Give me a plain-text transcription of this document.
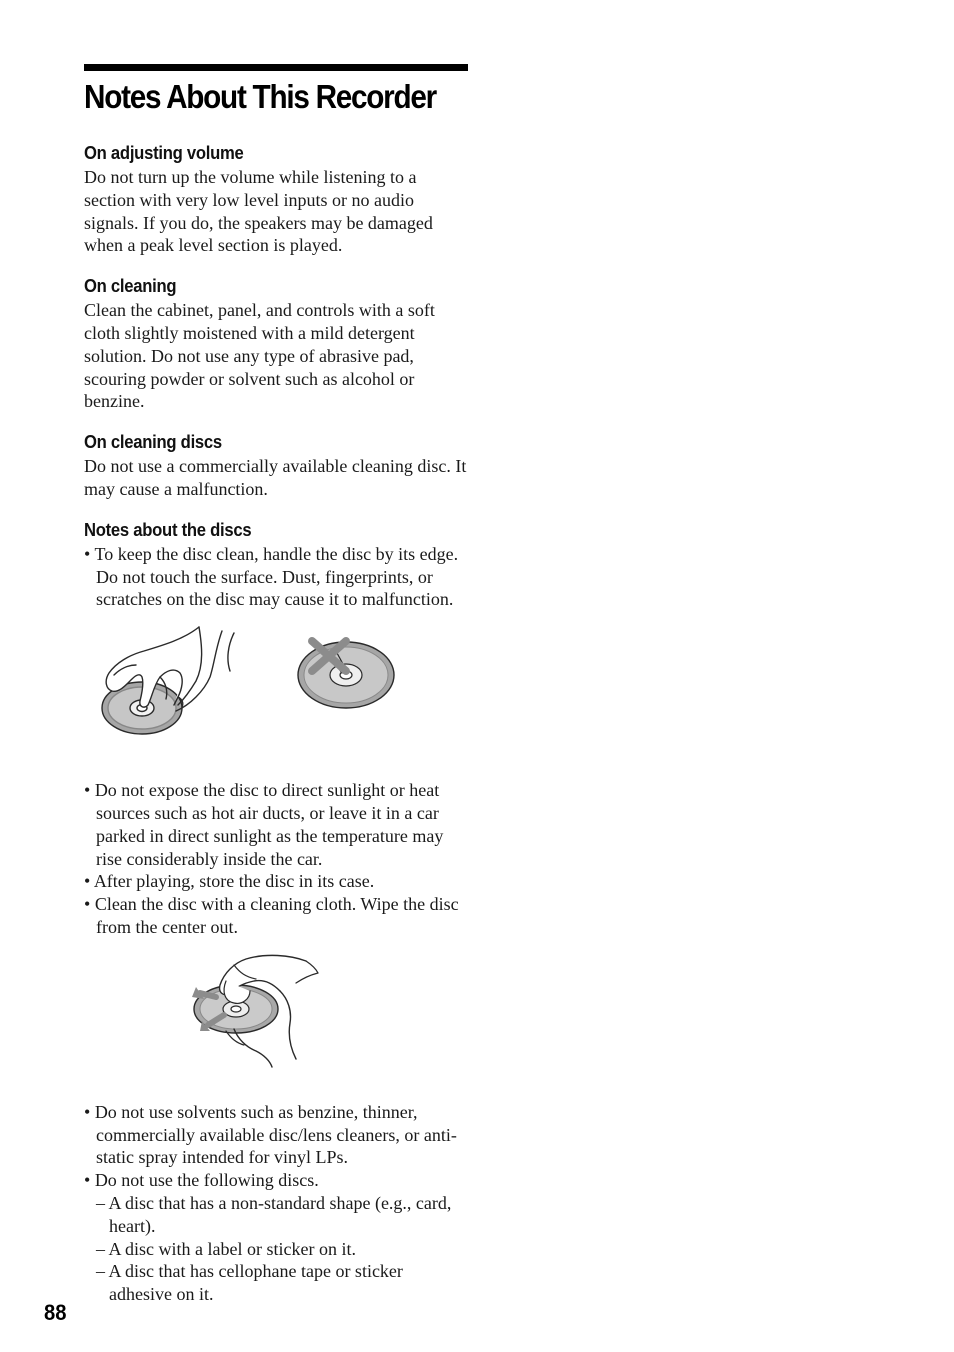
Notes About This Recorder
On adjusting volume

Do not turn up the volume while listening to a section with very low level inputs or no audio signals. If you do, the speakers may be damaged when a peak level section is played.

On cleaning

Clean the cabinet, panel, and controls with a soft cloth slightly moistened with a mild detergent solution. Do not use any type of abrasive pad, scouring powder or solvent such as alcohol or benzine.

On cleaning discs

Do not use a commercially available cleaning disc. It may cause a malfunction.

Notes about the discs
• To keep the disc clean, handle the disc by its edge. Do not touch the surface. Dust, fingerprints, or scratches on the disc may cause it to malfunction.
• Do not expose the disc to direct sunlight or heat sources such as hot air ducts, or leave it in a car parked in direct sunlight as the temperature may rise considerably inside the car.
• After playing, store the disc in its case.
• Clean the disc with a cleaning cloth. Wipe the disc from the center out.
• Do not use solvents such as benzine, thinner, commercially available disc/lens cleaners, or anti-static spray intended for vinyl LPs.
• Do not use the following discs.
– A disc that has a non-standard shape (e.g., card, heart).
– A disc with a label or sticker on it.
– A disc that has cellophane tape or sticker adhesive on it.
88
